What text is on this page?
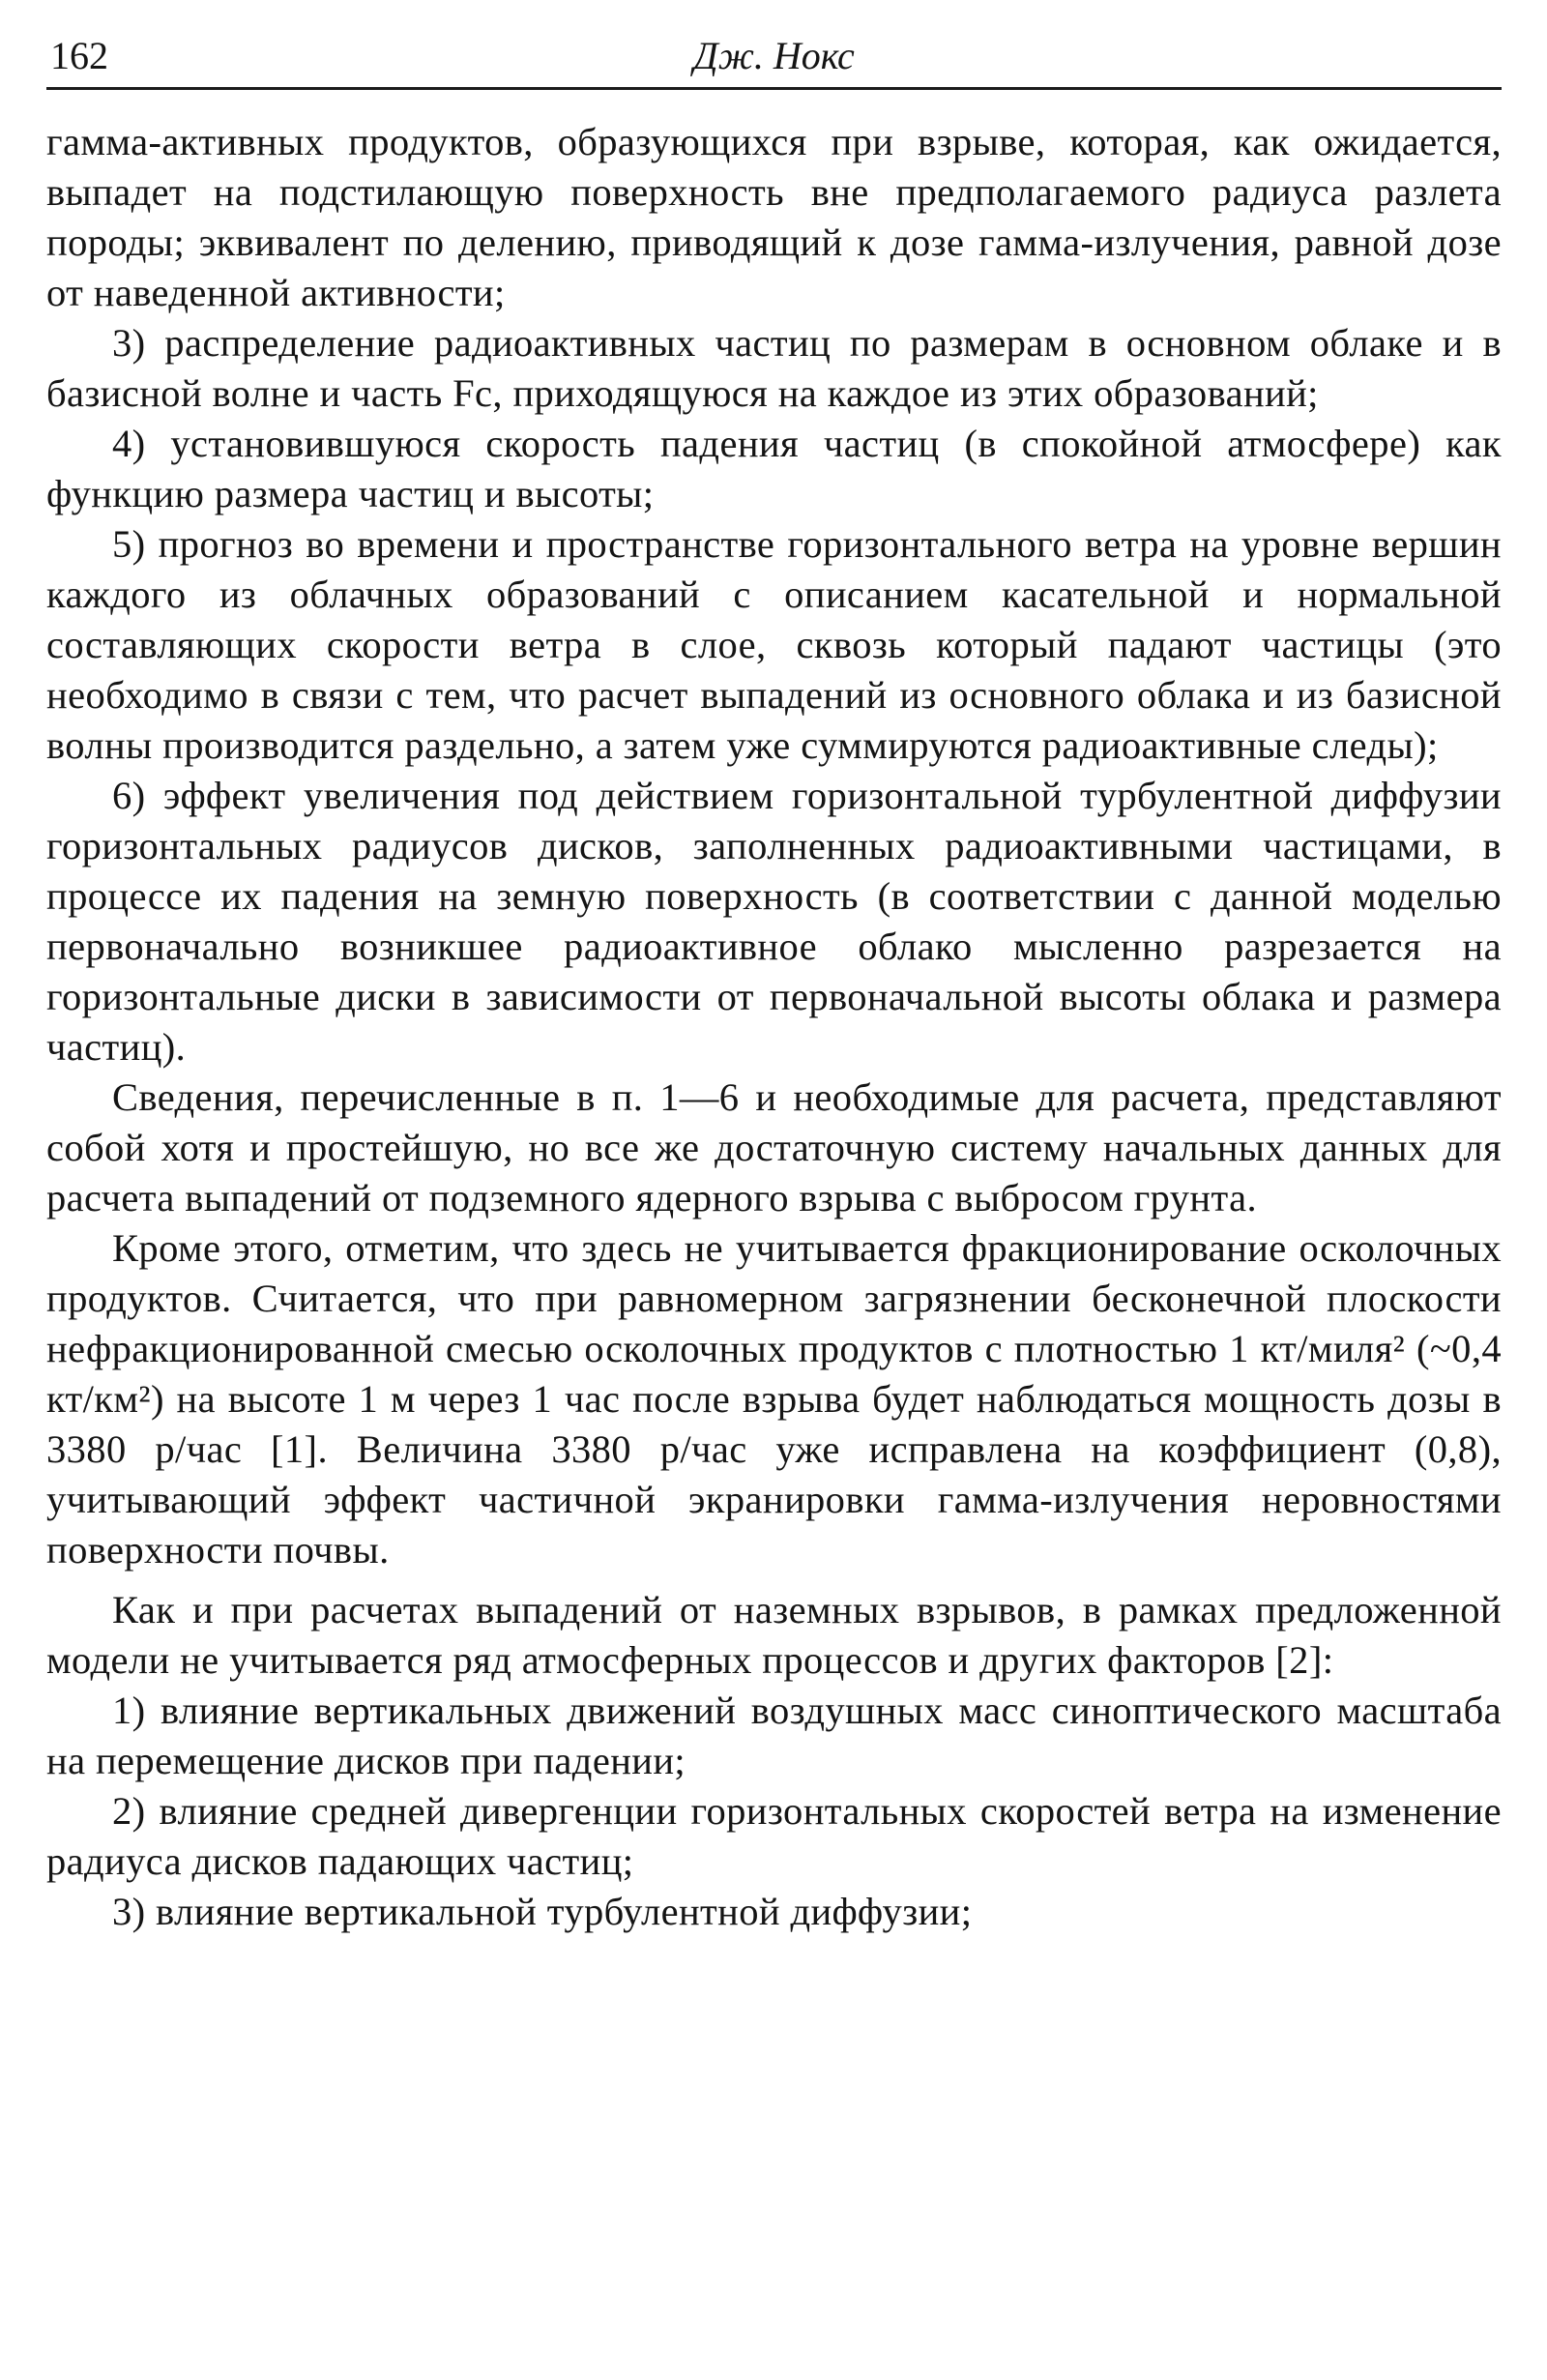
162	Дж. Нокс

гамма-активных продуктов, образующихся при взрыве, которая, как ожидается, выпадет на подстилающую поверхность вне предполагаемого радиуса разлета породы; эквивалент по делению, приводящий к дозе гамма-излучения, равной дозе от наведенной активности;

3) распределение радиоактивных частиц по размерам в основном облаке и в базисной волне и часть Fc, приходящуюся на каждое из этих образований;

4) установившуюся скорость падения частиц (в спокойной атмосфере) как функцию размера частиц и высоты;

5) прогноз во времени и пространстве горизонтального ветра на уровне вершин каждого из облачных образований с описанием касательной и нормальной составляющих скорости ветра в слое, сквозь который падают частицы (это необходимо в связи с тем, что расчет выпадений из основного облака и из базисной волны производится раздельно, а затем уже суммируются радиоактивные следы);

6) эффект увеличения под действием горизонтальной турбулентной диффузии горизонтальных радиусов дисков, заполненных радиоактивными частицами, в процессе их падения на земную поверхность (в соответствии с данной моделью первоначально возникшее радиоактивное облако мысленно разрезается на горизонтальные диски в зависимости от первоначальной высоты облака и размера частиц).

Сведения, перечисленные в п. 1—6 и необходимые для расчета, представляют собой хотя и простейшую, но все же достаточную систему начальных данных для расчета выпадений от подземного ядерного взрыва с выбросом грунта.

Кроме этого, отметим, что здесь не учитывается фракционирование осколочных продуктов. Считается, что при равномерном загрязнении бесконечной плоскости нефракционированной смесью осколочных продуктов с плотностью 1 кт/миля² (~0,4 кт/км²) на высоте 1 м через 1 час после взрыва будет наблюдаться мощность дозы в 3380 р/час [1]. Величина 3380 р/час уже исправлена на коэффициент (0,8), учитывающий эффект частичной экранировки гамма-излучения неровностями поверхности почвы.

Как и при расчетах выпадений от наземных взрывов, в рамках предложенной модели не учитывается ряд атмосферных процессов и других факторов [2]:

1) влияние вертикальных движений воздушных масс синоптического масштаба на перемещение дисков при падении;

2) влияние средней дивергенции горизонтальных скоростей ветра на изменение радиуса дисков падающих частиц;

3) влияние вертикальной турбулентной диффузии;
